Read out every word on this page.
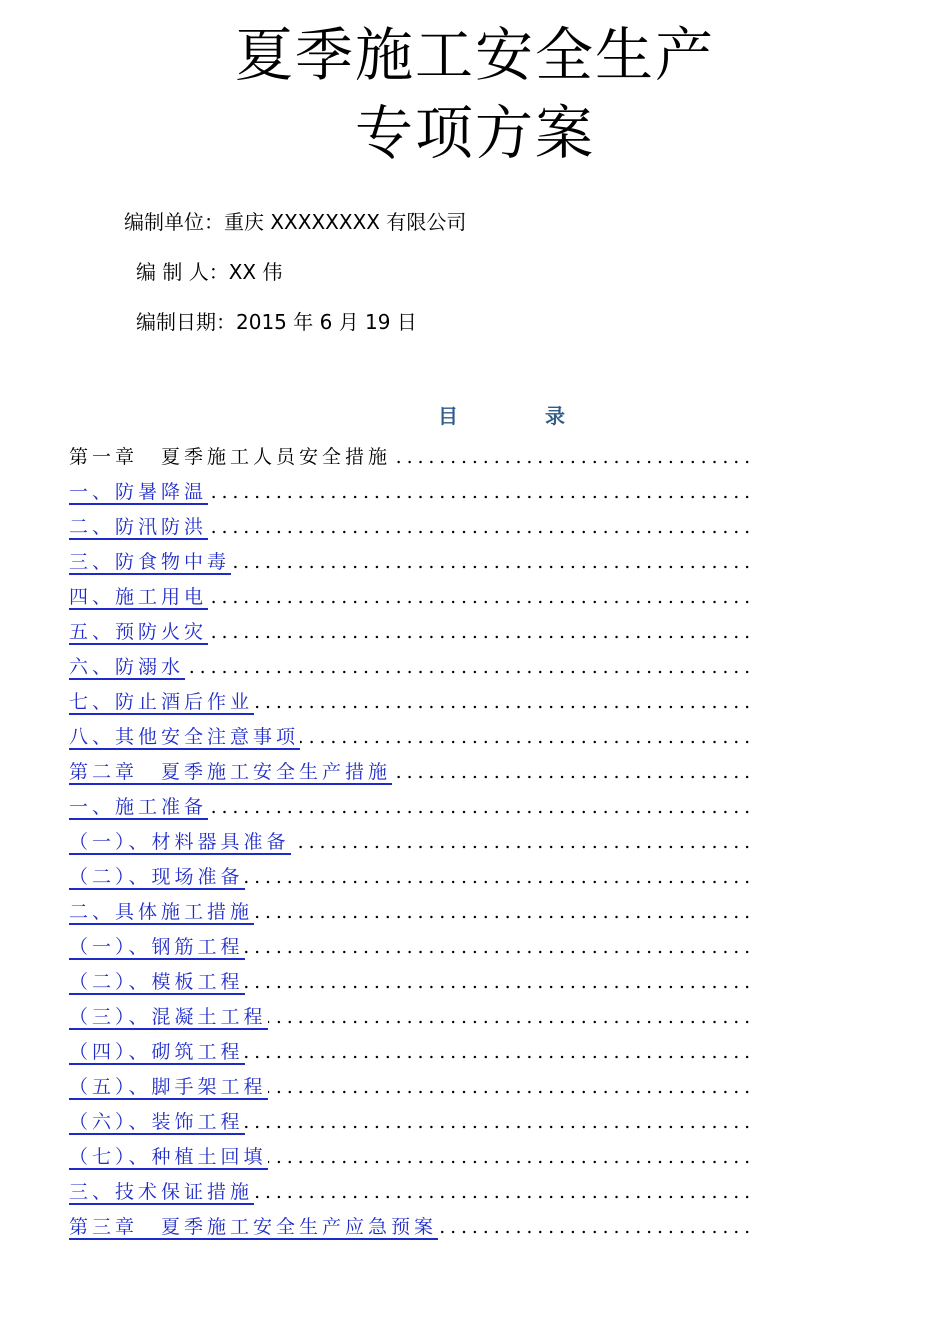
夏季施工安全生产
专项方案
编制单位：重庆 XXXXXXXX 有限公司
编 制 人：XX 伟
编制日期：2015 年 6 月 19 日
目 录
第一章　夏季施工人员安全措施 .....
一、防暑降温 .....
二、防汛防洪 .....
三、防食物中毒 .....
四、施工用电 .....
五、预防火灾 .....
六、防溺水 .....
七、防止酒后作业 .....
八、其他安全注意事项 .....
第二章　夏季施工安全生产措施 .....
一、施工准备 .....
（一）、材料器具准备 .....
（二）、现场准备 .....
二、具体施工措施 .....
（一）、钢筋工程 .....
（二）、模板工程 .....
（三）、混凝土工程 .....
（四）、砌筑工程 .....
（五）、脚手架工程 .....
（六）、装饰工程 .....
（七）、种植土回填 .....
三、技术保证措施 .....
第三章　夏季施工安全生产应急预案 .....
